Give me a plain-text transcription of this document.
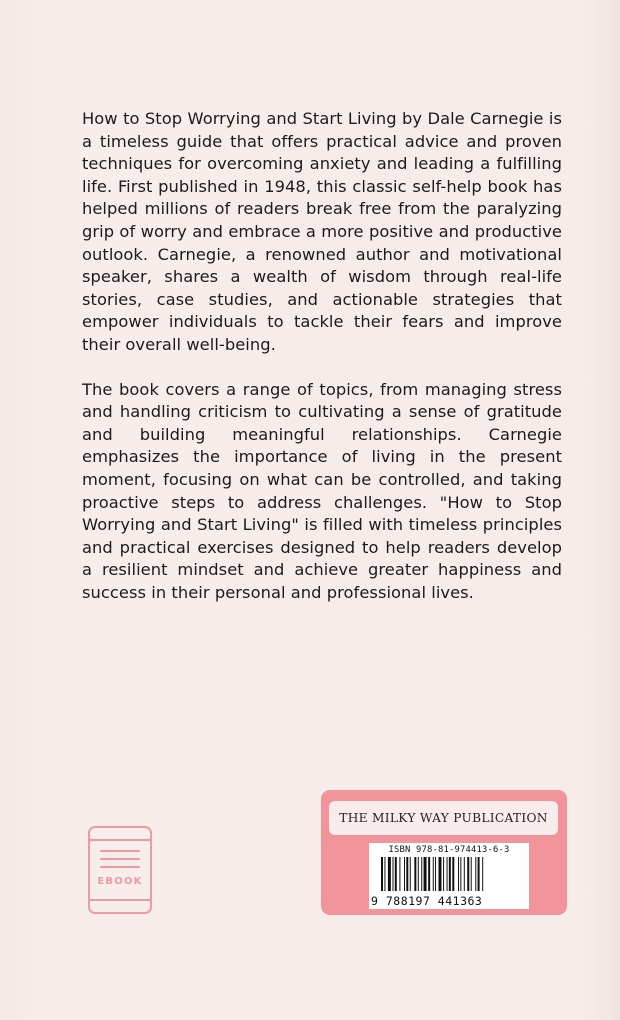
How to Stop Worrying and Start Living by Dale Carnegie is a timeless guide that offers practical advice and proven techniques for overcoming anxiety and leading a fulfilling life. First published in 1948, this classic self-help book has helped millions of readers break free from the paralyzing grip of worry and embrace a more positive and productive outlook. Carnegie, a renowned author and motivational speaker, shares a wealth of wisdom through real-life stories, case studies, and actionable strategies that empower individuals to tackle their fears and improve their overall well-being.

The book covers a range of topics, from managing stress and handling criticism to cultivating a sense of gratitude and building meaningful relationships. Carnegie emphasizes the importance of living in the present moment, focusing on what can be controlled, and taking proactive steps to address challenges. "How to Stop Worrying and Start Living" is filled with timeless principles and practical exercises designed to help readers develop a resilient mindset and achieve greater happiness and success in their personal and professional lives.

EBOOK
THE MILKY WAY PUBLICATION
ISBN 978-81-974413-6-3
9 788197 441363
